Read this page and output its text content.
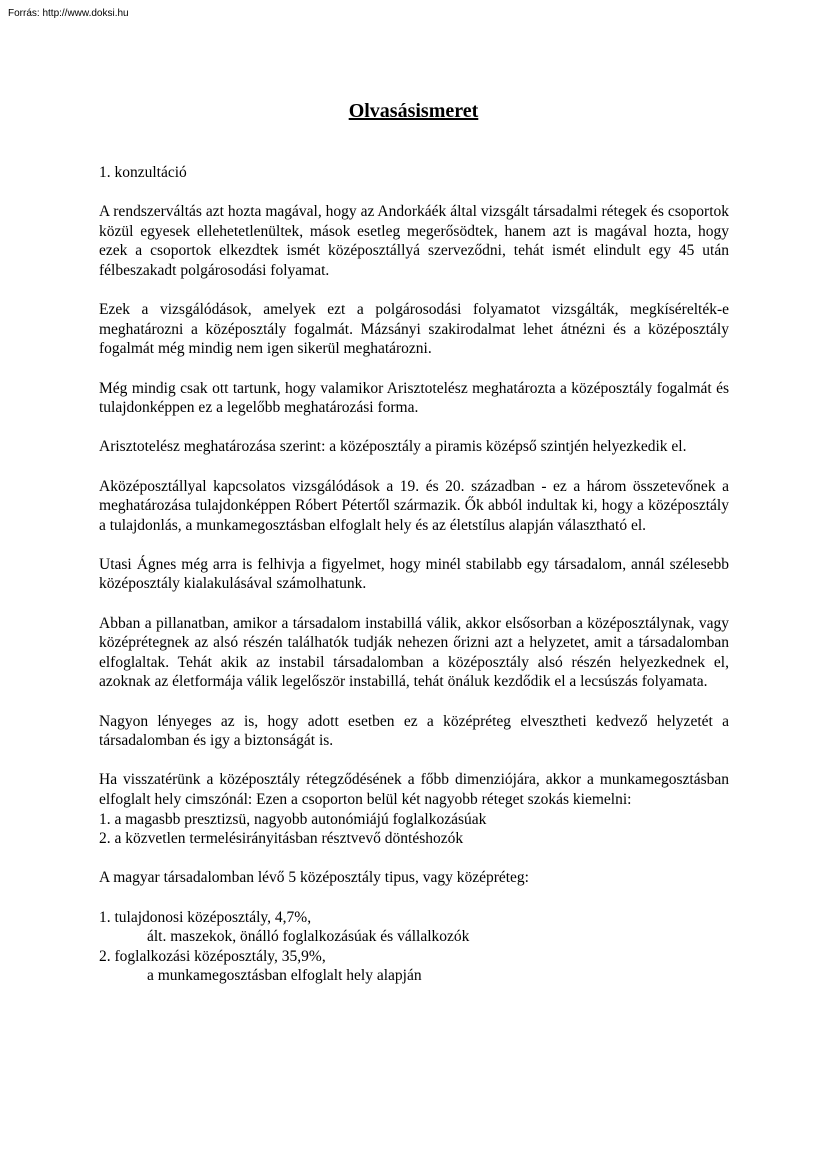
Forrás: http://www.doksi.hu
Olvasásismeret

1. konzultáció

A rendszerváltás azt hozta magával, hogy az Andorkáék által vizsgált társadalmi rétegek és csoportok közül egyesek ellehetetlenültek, mások esetleg megerősödtek, hanem azt is magával hozta, hogy ezek a csoportok elkezdtek ismét középosztállyá szerveződni, tehát ismét elindult egy 45 után félbeszakadt polgárosodási folyamat.

Ezek a vizsgálódások, amelyek ezt a polgárosodási folyamatot vizsgálták, megkísérelték-e meghatározni a középosztály fogalmát. Mázsányi szakirodalmat lehet átnézni és a középosztály fogalmát még mindig nem igen sikerül meghatározni.

Még mindig csak ott tartunk, hogy valamikor Arisztotelész meghatározta a középosztály fogalmát és tulajdonképpen ez a legelőbb meghatározási forma.

Arisztotelész meghatározása szerint: a középosztály a piramis középső szintjén helyezkedik el.

Aközéposztállyal kapcsolatos vizsgálódások a 19. és 20. században - ez a három összetevőnek a meghatározása tulajdonképpen Róbert Pétertől származik. Ők abból indultak ki, hogy a középosztály a tulajdonlás, a munkamegosztásban elfoglalt hely és az életstílus alapján választható el.

Utasi Ágnes még arra is felhivja a figyelmet, hogy minél stabilabb egy társadalom, annál szélesebb középosztály kialakulásával számolhatunk.

Abban a pillanatban, amikor a társadalom instabillá válik, akkor elsősorban a középosztálynak, vagy középrétegnek az alsó részén találhatók tudják nehezen őrizni azt a helyzetet, amit a társadalomban elfoglaltak. Tehát akik az instabil társadalomban a középosztály alsó részén helyezkednek el, azoknak az életformája válik legelőször instabillá, tehát önáluk kezdődik el a lecsúszás folyamata.

Nagyon lényeges az is, hogy adott esetben ez a középréteg elvesztheti kedvező helyzetét a társadalomban és igy a biztonságát is.

Ha visszatérünk a középosztály rétegződésének a főbb dimenziójára, akkor a munkamegosztásban elfoglalt hely cimszónál: Ezen a csoporton belül két nagyobb réteget szokás kiemelni:

1. a magasbb presztizsü, nagyobb autonómiájú foglalkozásúak
2. a közvetlen termelésirányitásban résztvevő döntéshozók

A magyar társadalomban lévő 5 középosztály tipus, vagy középréteg:

1. tulajdonosi középosztály, 4,7%,
ált. maszekok, önálló foglalkozásúak és vállalkozók
2. foglalkozási középosztály, 35,9%,
a munkamegosztásban elfoglalt hely alapján
